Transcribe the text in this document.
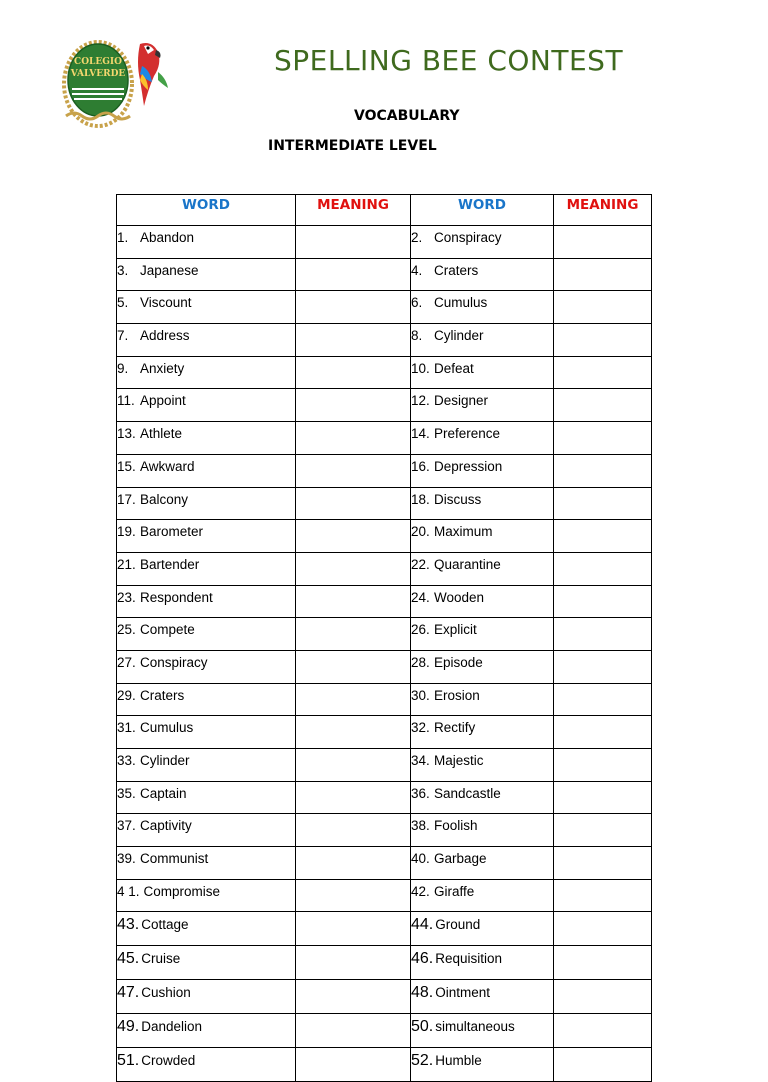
COLEGIO
VALVERDE	SPELLING BEE CONTEST
VOCABULARY
INTERMEDIATE LEVEL
WORD	MEANING	WORD	MEANING
1. Abandon		2. Conspiracy	
3. Japanese		4. Craters	
5. Viscount		6. Cumulus	
7. Address		8. Cylinder	
9. Anxiety		10. Defeat	
11. Appoint		12. Designer	
13. Athlete		14. Preference	
15. Awkward		16. Depression	
17. Balcony		18. Discuss	
19. Barometer		20. Maximum	
21. Bartender		22. Quarantine	
23. Respondent		24. Wooden	
25. Compete		26. Explicit	
27. Conspiracy		28. Episode	
29. Craters		30. Erosion	
31. Cumulus		32. Rectify	
33. Cylinder		34. Majestic	
35. Captain		36. Sandcastle	
37. Captivity		38. Foolish	
39. Communist		40. Garbage	
4 1. Compromise		42. Giraffe	
43. Cottage		44. Ground	
45. Cruise		46. Requisition	
47. Cushion		48. Ointment	
49. Dandelion		50. simultaneous	
51. Crowded		52. Humble	
